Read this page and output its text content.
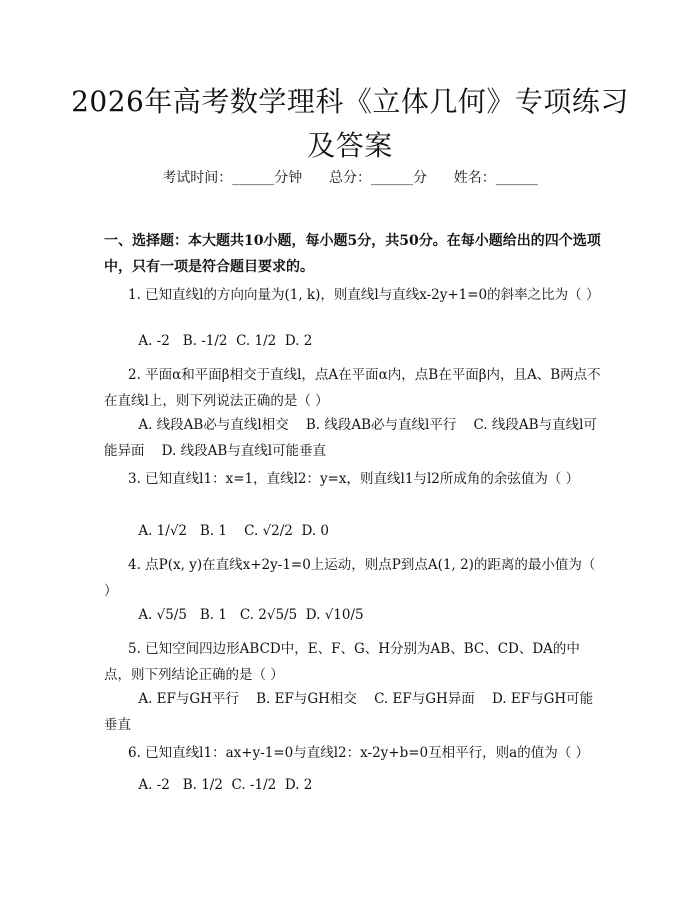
2026年高考数学理科《立体几何》专项练习
及答案
考试时间：______分钟      总分：______分      姓名：______
一、选择题：本大题共10小题，每小题5分，共50分。在每小题给出的四个选项中，只有一项是符合题目要求的。
1. 已知直线l的方向向量为(1, k)，则直线l与直线x-2y+1=0的斜率之比为（ ）
A. -2   B. -1/2  C. 1/2  D. 2
2. 平面α和平面β相交于直线l，点A在平面α内，点B在平面β内，且A、B两点不在直线l上，则下列说法正确的是（ ）
A. 线段AB必与直线l相交    B. 线段AB必与直线l平行    C. 线段AB与直线l可能异面    D. 线段AB与直线l可能垂直
3. 已知直线l1：x=1，直线l2：y=x，则直线l1与l2所成角的余弦值为（ ）
A. 1/√2   B. 1    C. √2/2  D. 0
4. 点P(x, y)在直线x+2y-1=0上运动，则点P到点A(1, 2)的距离的最小值为（ ）
A. √5/5   B. 1   C. 2√5/5  D. √10/5
5. 已知空间四边形ABCD中，E、F、G、H分别为AB、BC、CD、DA的中点，则下列结论正确的是（ ）
A. EF与GH平行    B. EF与GH相交    C. EF与GH异面    D. EF与GH可能垂直
6. 已知直线l1：ax+y-1=0与直线l2：x-2y+b=0互相平行，则a的值为（ ）
A. -2   B. 1/2  C. -1/2  D. 2
